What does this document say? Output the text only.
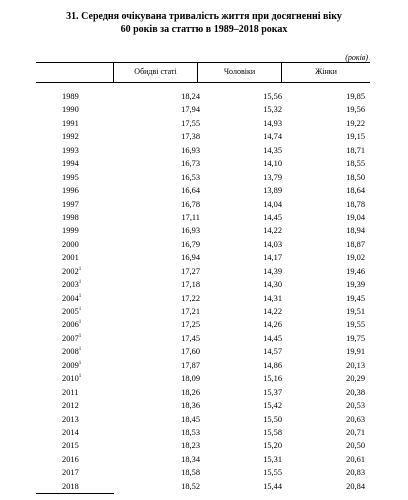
31. Середня очікувана тривалість життя при досягненні віку
60 років за статтю в 1989–2018 роках
(років)
Обидві статі	Чоловіки	Жінки
1989	18,24	15,56	19,85
1990	17,94	15,32	19,56
1991	17,55	14,93	19,22
1992	17,38	14,74	19,15
1993	16,93	14,35	18,71
1994	16,73	14,10	18,55
1995	16,53	13,79	18,50
1996	16,64	13,89	18,64
1997	16,78	14,04	18,78
1998	17,11	14,45	19,04
1999	16,93	14,22	18,94
2000	16,79	14,03	18,87
2001	16,94	14,17	19,02
2002$^1$	17,27	14,39	19,46
2003$^1$	17,18	14,30	19,39
2004$^1$	17,22	14,31	19,45
2005$^1$	17,21	14,22	19,51
2006$^1$	17,25	14,26	19,55
2007$^1$	17,45	14,45	19,75
2008$^1$	17,60	14,57	19,91
2009$^1$	17,87	14,86	20,13
2010$^1$	18,09	15,16	20,29
2011	18,26	15,37	20,38
2012	18,36	15,42	20,53
2013	18,45	15,50	20,63
2014	18,53	15,58	20,71
2015	18,23	15,20	20,50
2016	18,34	15,31	20,61
2017	18,58	15,55	20,83
2018	18,52	15,44	20,84
